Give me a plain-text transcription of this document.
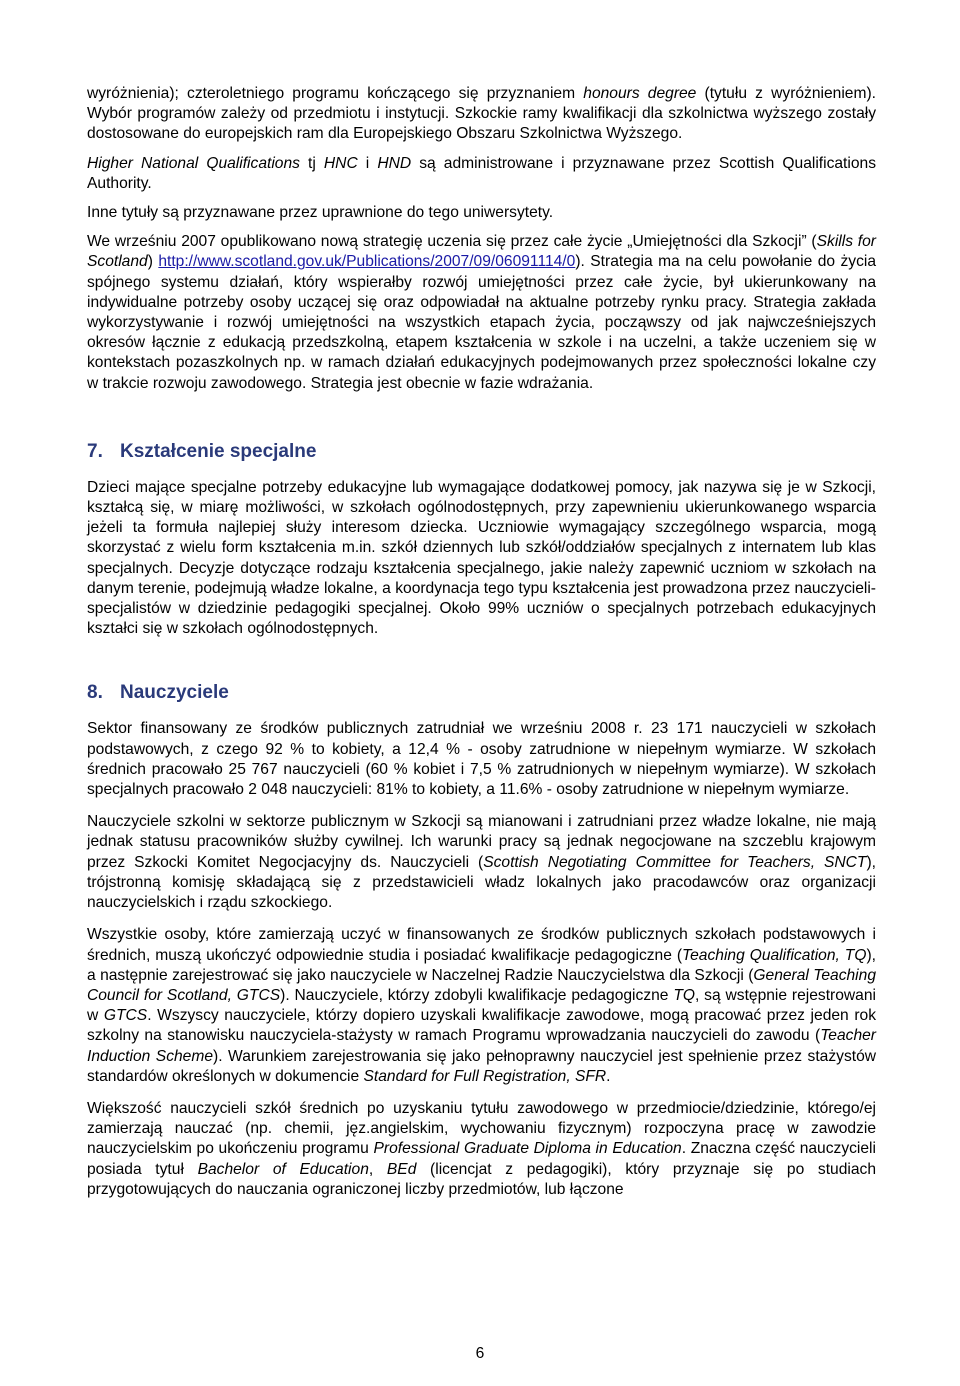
wyróżnienia); czteroletniego programu kończącego się przyznaniem honours degree (tytułu z wyróżnieniem). Wybór programów zależy od przedmiotu i instytucji. Szkockie ramy kwalifikacji dla szkolnictwa wyższego zostały dostosowane do europejskich ram dla Europejskiego Obszaru Szkolnictwa Wyższego.

Higher National Qualifications tj HNC i HND są administrowane i przyznawane przez Scottish Qualifications Authority.

Inne tytuły są przyznawane przez uprawnione do tego uniwersytety.

We wrześniu 2007 opublikowano nową strategię uczenia się przez całe życie „Umiejętności dla Szkocji” (Skills for Scotland) http://www.scotland.gov.uk/Publications/2007/09/06091114/0). Strategia ma na celu powołanie do życia spójnego systemu działań, który wspierałby rozwój umiejętności przez całe życie, był ukierunkowany na indywidualne potrzeby osoby uczącej się oraz odpowiadał na aktualne potrzeby rynku pracy. Strategia zakłada wykorzystywanie i rozwój umiejętności na wszystkich etapach życia, począwszy od jak najwcześniejszych okresów łącznie z edukacją przedszkolną, etapem kształcenia w szkole i na uczelni, a także uczeniem się w kontekstach pozaszkolnych np. w ramach działań edukacyjnych podejmowanych przez społeczności lokalne czy w trakcie rozwoju zawodowego. Strategia jest obecnie w fazie wdrażania.

7. Kształcenie specjalne

Dzieci mające specjalne potrzeby edukacyjne lub wymagające dodatkowej pomocy, jak nazywa się je w Szkocji, kształcą się, w miarę możliwości, w szkołach ogólnodostępnych, przy zapewnieniu ukierunkowanego wsparcia jeżeli ta formuła najlepiej służy interesom dziecka. Uczniowie wymagający szczególnego wsparcia, mogą skorzystać z wielu form kształcenia m.in. szkół dziennych lub szkół/oddziałów specjalnych z internatem lub klas specjalnych. Decyzje dotyczące rodzaju kształcenia specjalnego, jakie należy zapewnić uczniom w szkołach na danym terenie, podejmują władze lokalne, a koordynacja tego typu kształcenia jest prowadzona przez nauczycieli-specjalistów w dziedzinie pedagogiki specjalnej. Około 99% uczniów o specjalnych potrzebach edukacyjnych kształci się w szkołach ogólnodostępnych.

8. Nauczyciele

Sektor finansowany ze środków publicznych zatrudniał we wrześniu 2008 r. 23 171 nauczycieli w szkołach podstawowych, z czego 92 % to kobiety, a 12,4 % - osoby zatrudnione w niepełnym wymiarze. W szkołach średnich pracowało 25 767 nauczycieli (60 % kobiet i 7,5 % zatrudnionych w niepełnym wymiarze). W szkołach specjalnych pracowało 2 048 nauczycieli: 81% to kobiety, a 11.6% - osoby zatrudnione w niepełnym wymiarze.

Nauczyciele szkolni w sektorze publicznym w Szkocji są mianowani i zatrudniani przez władze lokalne, nie mają jednak statusu pracowników służby cywilnej. Ich warunki pracy są jednak negocjowane na szczeblu krajowym przez Szkocki Komitet Negocjacyjny ds. Nauczycieli (Scottish Negotiating Committee for Teachers, SNCT), trójstronną komisję składającą się z przedstawicieli władz lokalnych jako pracodawców oraz organizacji nauczycielskich i rządu szkockiego.

Wszystkie osoby, które zamierzają uczyć w finansowanych ze środków publicznych szkołach podstawowych i średnich, muszą ukończyć odpowiednie studia i posiadać kwalifikacje pedagogiczne (Teaching Qualification, TQ), a następnie zarejestrować się jako nauczyciele w Naczelnej Radzie Nauczycielstwa dla Szkocji (General Teaching Council for Scotland, GTCS). Nauczyciele, którzy zdobyli kwalifikacje pedagogiczne TQ, są wstępnie rejestrowani w GTCS. Wszyscy nauczyciele, którzy dopiero uzyskali kwalifikacje zawodowe, mogą pracować przez jeden rok szkolny na stanowisku nauczyciela-stażysty w ramach Programu wprowadzania nauczycieli do zawodu (Teacher Induction Scheme). Warunkiem zarejestrowania się jako pełnoprawny nauczyciel jest spełnienie przez stażystów standardów określonych w dokumencie Standard for Full Registration, SFR.

Większość nauczycieli szkół średnich po uzyskaniu tytułu zawodowego w przedmiocie/dziedzinie, którego/ej zamierzają nauczać (np. chemii, jęz.angielskim, wychowaniu fizycznym) rozpoczyna pracę w zawodzie nauczycielskim po ukończeniu programu Professional Graduate Diploma in Education. Znaczna część nauczycieli posiada tytuł Bachelor of Education, BEd (licencjat z pedagogiki), który przyznaje się po studiach przygotowujących do nauczania ograniczonej liczby przedmiotów, lub łączone

6
